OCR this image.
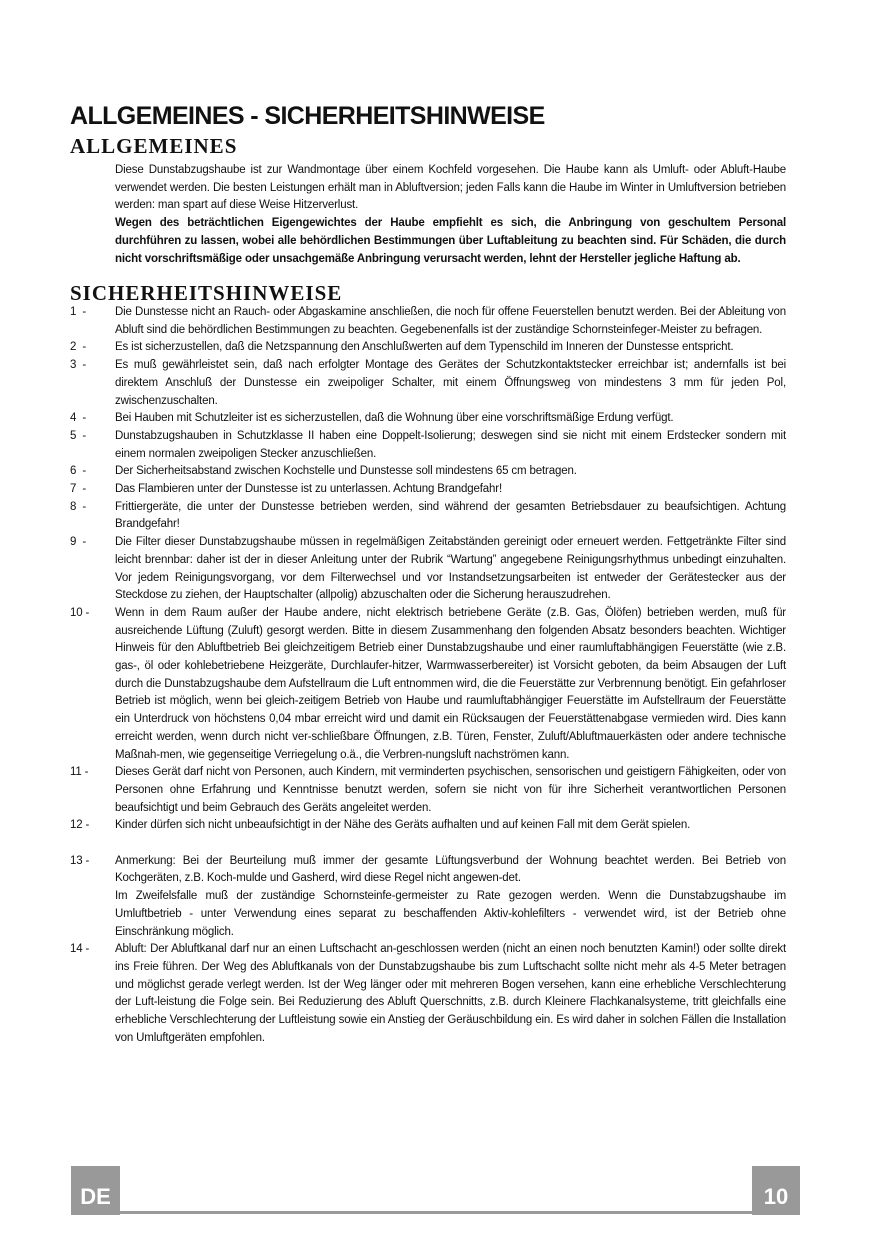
ALLGEMEINES - SICHERHEITSHINWEISE
ALLGEMEINES

Diese Dunstabzugshaube ist zur Wandmontage über einem Kochfeld vorgesehen. Die Haube kann als Umluft- oder Abluft-Haube verwendet werden. Die besten Leistungen erhält man in Abluftversion; jeden Falls kann die Haube im Winter in Umluftversion betrieben werden: man spart auf diese Weise Hitzerverlust.

Wegen des beträchtlichen Eigengewichtes der Haube empfiehlt es sich, die Anbringung von geschultem Personal durchführen zu lassen, wobei alle behördlichen Bestimmungen über Luftableitung zu beachten sind. Für Schäden, die durch nicht vorschriftsmäßige oder unsachgemäße Anbringung verursacht werden, lehnt der Hersteller jegliche Haftung ab.

SICHERHEITSHINWEISE
1  -	Die Dunstesse nicht an Rauch- oder Abgaskamine anschließen, die noch für offene Feuerstellen benutzt werden. Bei der Ableitung von Abluft sind die behördlichen Bestimmungen zu beachten. Gegebenenfalls ist der zuständige Schornsteinfeger-Meister zu befragen.

2  -	Es ist sicherzustellen, daß die Netzspannung den Anschlußwerten auf dem Typenschild im Inneren der Dunstesse entspricht.

3  -	Es muß gewährleistet sein, daß nach erfolgter Montage des Gerätes der Schutzkontaktstecker erreichbar ist; andernfalls ist bei direktem Anschluß der Dunstesse ein zweipoliger Schalter, mit einem Öffnungsweg von mindestens 3 mm für jeden Pol, zwischenzuschalten.

4  -	Bei Hauben mit Schutzleiter ist es sicherzustellen, daß die Wohnung über eine vorschriftsmäßige Erdung verfügt.

5  -	Dunstabzugshauben in Schutzklasse II haben eine Doppelt-Isolierung; deswegen sind sie nicht mit einem Erdstecker sondern mit einem normalen zweipoligen Stecker anzuschließen.

6  -	Der Sicherheitsabstand zwischen Kochstelle und Dunstesse soll mindestens 65 cm betragen.

7  -	Das Flambieren unter der Dunstesse ist zu unterlassen. Achtung Brandgefahr!

8  -	Frittiergeräte, die unter der Dunstesse betrieben werden, sind während der gesamten Betriebsdauer zu beaufsichtigen. Achtung Brandgefahr!

9  -	Die Filter dieser Dunstabzugshaube müssen in regelmäßigen Zeitabständen gereinigt oder erneuert werden. Fettgetränkte Filter sind leicht brennbar: daher ist der in dieser Anleitung unter der Rubrik “Wartung” angegebene Reinigungsrhythmus unbedingt einzuhalten. Vor jedem Reinigungsvorgang, vor dem Filterwechsel und vor Instandsetzungsarbeiten ist entweder der Gerätestecker aus der Steckdose zu ziehen, der Hauptschalter (allpolig) abzuschalten oder die Sicherung herauszudrehen.

10 -	Wenn in dem Raum außer der Haube andere, nicht elektrisch betriebene Geräte (z.B. Gas, Ölöfen) betrieben werden, muß für ausreichende Lüftung (Zuluft) gesorgt werden. Bitte in diesem Zusammenhang den folgenden Absatz besonders beachten. Wichtiger Hinweis für den Abluftbetrieb Bei gleichzeitigem Betrieb einer Dunstabzugshaube und einer raumluftabhängigen Feuerstätte (wie z.B. gas-, öl oder kohlebetriebene Heizgeräte, Durchlaufer-hitzer, Warmwasserbereiter) ist Vorsicht geboten, da beim Absaugen der Luft durch die Dunstabzugshaube dem Aufstellraum die Luft entnommen wird, die die Feuerstätte zur Verbrennung benötigt. Ein gefahrloser Betrieb ist möglich, wenn bei gleich-zeitigem Betrieb von Haube und raumluftabhängiger Feuerstätte im Aufstellraum der Feuerstätte ein Unterdruck von höchstens 0,04 mbar erreicht wird und damit ein Rücksaugen der Feuerstättenabgase vermieden wird. Dies kann erreicht werden, wenn durch nicht ver-schließbare Öffnungen, z.B. Türen, Fenster, Zuluft/Abluftmauerkästen oder andere technische Maßnah-men, wie gegenseitige Verriegelung o.ä., die Verbren-nungsluft nachströmen kann.

11 -	Dieses Gerät darf nicht von Personen, auch Kindern, mit verminderten psychischen, sensorischen und geistigern Fähigkeiten, oder von Personen ohne Erfahrung und Kenntnisse benutzt werden, sofern sie nicht von für ihre Sicherheit verantwortlichen Personen beaufsichtigt und beim Gebrauch des Geräts angeleitet werden.

12 -	Kinder dürfen sich nicht unbeaufsichtigt in der Nähe des Geräts aufhalten und auf keinen Fall mit dem Gerät spielen.

13 -	Anmerkung: Bei der Beurteilung muß immer der gesamte Lüftungsverbund der Wohnung beachtet werden. Bei Betrieb von Kochgeräten, z.B. Koch-mulde und Gasherd, wird diese Regel nicht angewen-det.

Im Zweifelsfalle muß der zuständige Schornsteinfe-germeister zu Rate gezogen werden. Wenn die Dunstabzugshaube im Umluftbetrieb - unter Verwendung eines separat zu beschaffenden Aktiv-kohlefilters - verwendet wird, ist der Betrieb ohne Einschränkung möglich.

14 -	Abluft: Der Abluftkanal darf nur an einen Luftschacht an-geschlossen werden (nicht an einen noch benutzten Kamin!) oder sollte direkt ins Freie führen. Der Weg des Abluftkanals von der Dunstabzugshaube bis zum Luftschacht sollte nicht mehr als 4-5 Meter betragen und möglichst gerade verlegt werden. Ist der Weg länger oder mit mehreren Bogen versehen, kann eine erhebliche Verschlechterung der Luft-leistung die Folge sein. Bei Reduzierung des Abluft Querschnitts, z.B. durch Kleinere Flachkanalsysteme, tritt gleichfalls eine erhebliche Verschlechterung der Luftleistung sowie ein Anstieg der Geräuschbildung ein. Es wird daher in solchen Fällen die Installation von Umluftgeräten empfohlen.

DE	10
